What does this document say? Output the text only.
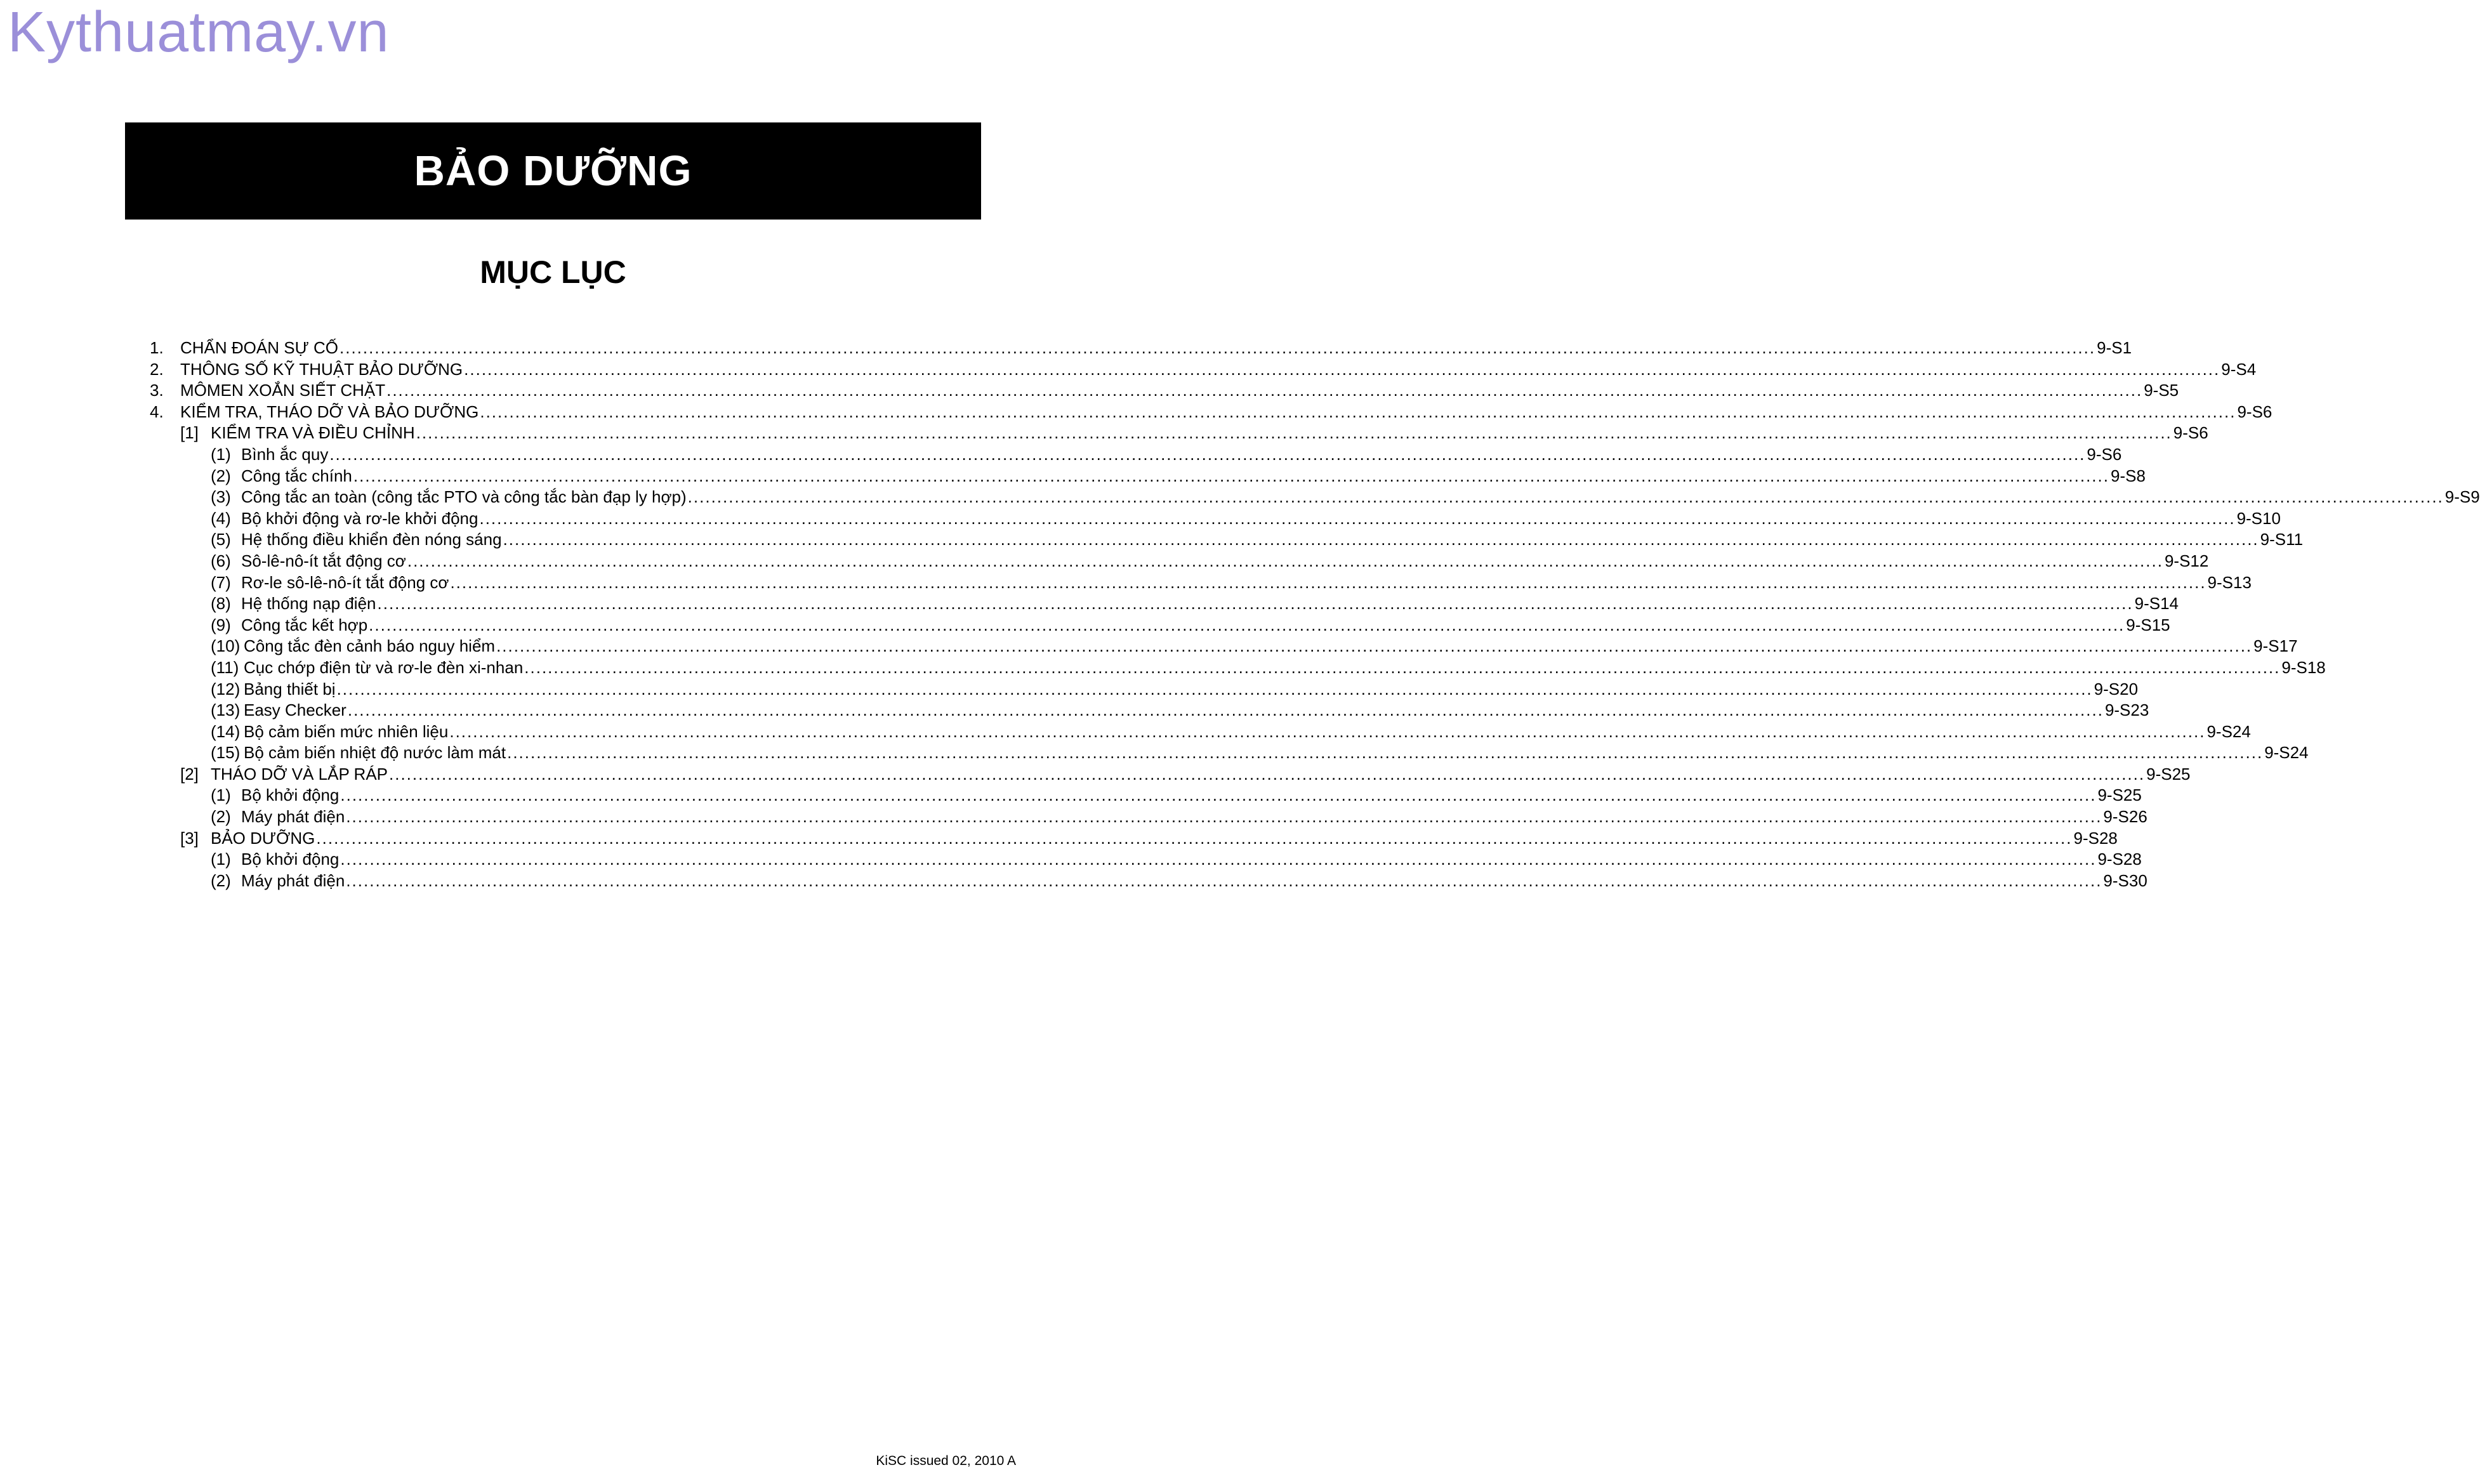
Kythuatmay.vn
BẢO DƯỠNG
MỤC LỤC
1. CHẨN ĐOÁN SỰ CỐ ............................................................................................................................................................................................................................................................................................................ 9-S1
2. THÔNG SỐ KỸ THUẬT BẢO DƯỠNG ............................................................................................................................................................................................................................................................................................................ 9-S4
3. MÔMEN XOẮN SIẾT CHẶT ............................................................................................................................................................................................................................................................................................................ 9-S5
4. KIỂM TRA, THÁO DỠ VÀ BẢO DƯỠNG ............................................................................................................................................................................................................................................................................................................ 9-S6
[1] KIỂM TRA VÀ ĐIỀU CHỈNH ............................................................................................................................................................................................................................................................................................................ 9-S6
(1) Bình ắc quy ............................................................................................................................................................................................................................................................................................................ 9-S6
(2) Công tắc chính ............................................................................................................................................................................................................................................................................................................ 9-S8
(3) Công tắc an toàn (công tắc PTO và công tắc bàn đạp ly hợp) ............................................................................................................................................................................................................................................................................................................ 9-S9
(4) Bộ khởi động và rơ-le khởi động ............................................................................................................................................................................................................................................................................................................ 9-S10
(5) Hệ thống điều khiển đèn nóng sáng ............................................................................................................................................................................................................................................................................................................ 9-S11
(6) Sô-lê-nô-ít tắt động cơ ............................................................................................................................................................................................................................................................................................................ 9-S12
(7) Rơ-le sô-lê-nô-ít tắt động cơ ............................................................................................................................................................................................................................................................................................................ 9-S13
(8) Hệ thống nạp điện ............................................................................................................................................................................................................................................................................................................ 9-S14
(9) Công tắc kết hợp ............................................................................................................................................................................................................................................................................................................ 9-S15
(10) Công tắc đèn cảnh báo nguy hiểm ............................................................................................................................................................................................................................................................................................................ 9-S17
(11) Cục chớp điện từ và rơ-le đèn xi-nhan ............................................................................................................................................................................................................................................................................................................ 9-S18
(12) Bảng thiết bị ............................................................................................................................................................................................................................................................................................................ 9-S20
(13) Easy Checker ............................................................................................................................................................................................................................................................................................................ 9-S23
(14) Bộ cảm biến mức nhiên liệu ............................................................................................................................................................................................................................................................................................................ 9-S24
(15) Bộ cảm biến nhiệt độ nước làm mát ............................................................................................................................................................................................................................................................................................................ 9-S24
[2] THÁO DỠ VÀ LẮP RÁP ............................................................................................................................................................................................................................................................................................................ 9-S25
(1) Bộ khởi động ............................................................................................................................................................................................................................................................................................................ 9-S25
(2) Máy phát điện ............................................................................................................................................................................................................................................................................................................ 9-S26
[3] BẢO DƯỠNG ............................................................................................................................................................................................................................................................................................................ 9-S28
(1) Bộ khởi động ............................................................................................................................................................................................................................................................................................................ 9-S28
(2) Máy phát điện ............................................................................................................................................................................................................................................................................................................ 9-S30
KiSC issued 02, 2010 A
